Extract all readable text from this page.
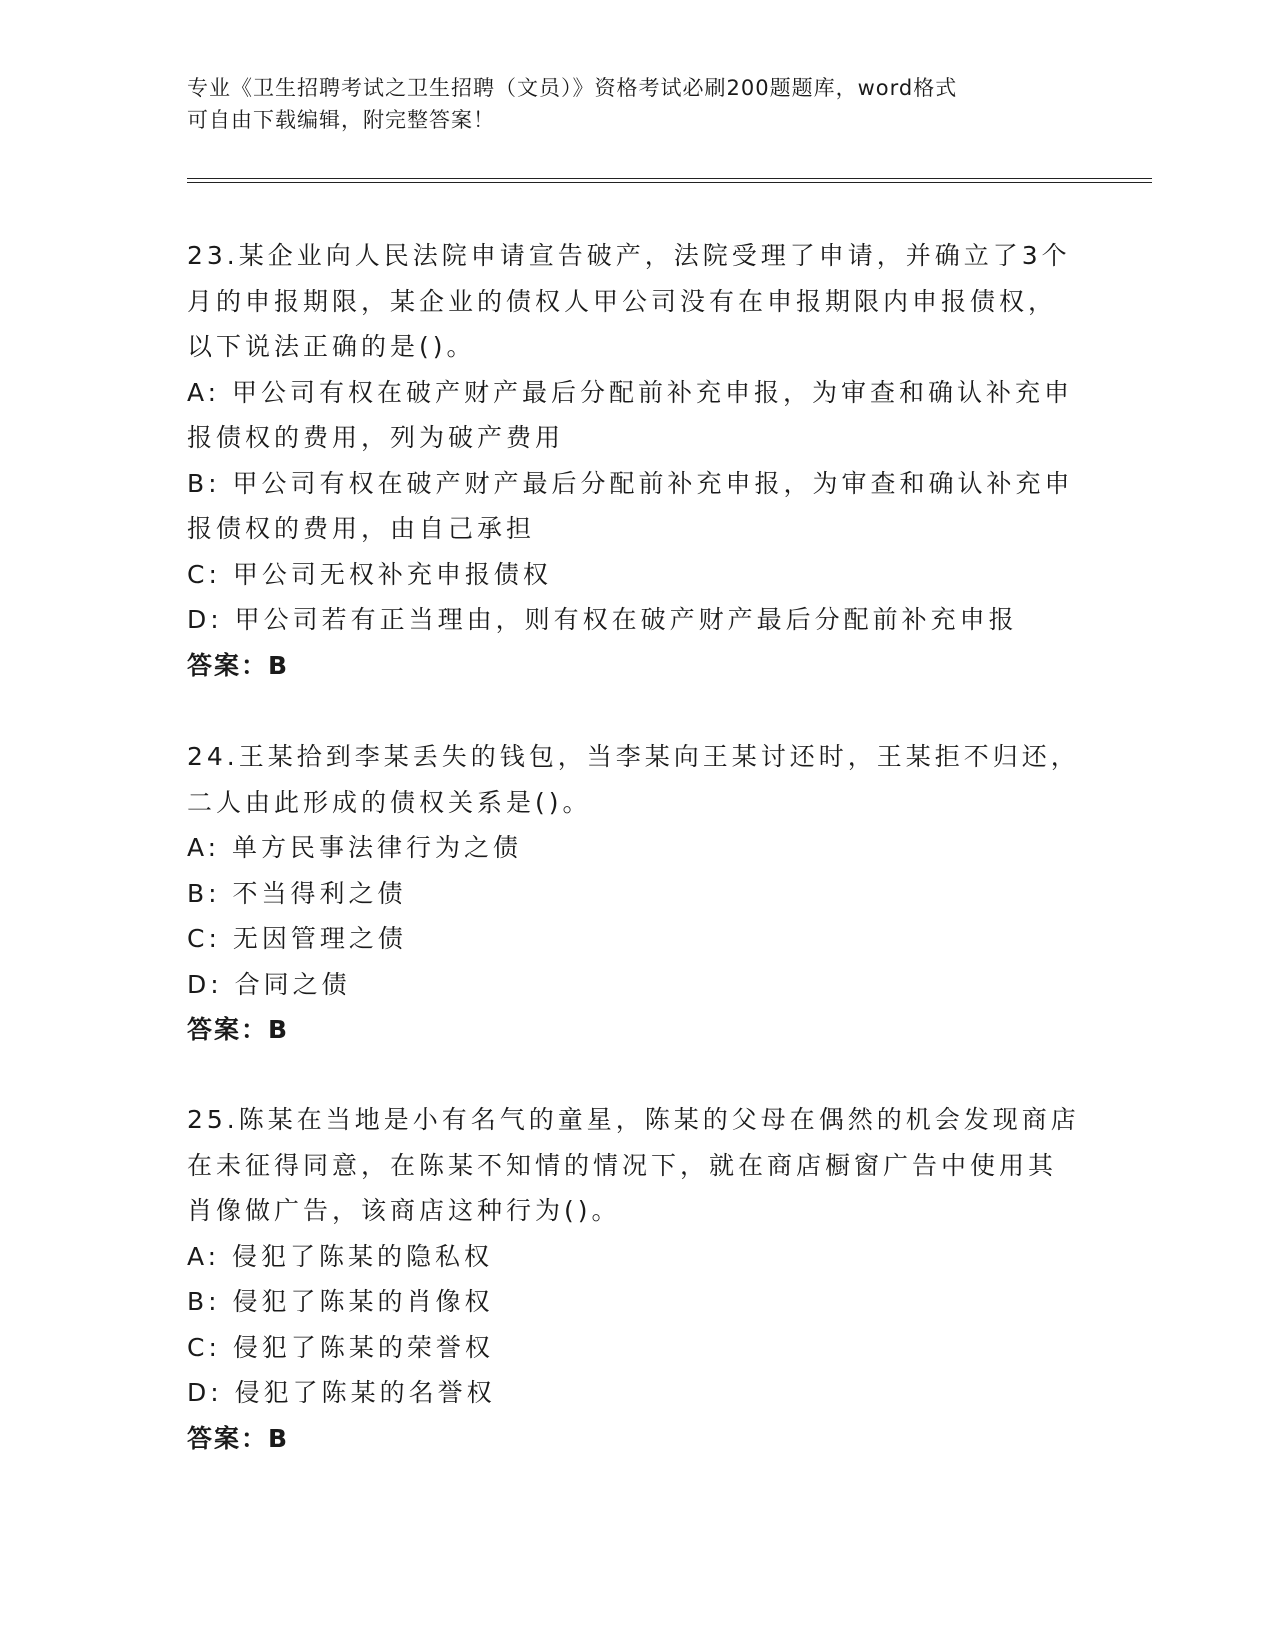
专业《卫生招聘考试之卫生招聘（文员）》资格考试必刷200题题库，word格式
可自由下载编辑，附完整答案！
23.某企业向人民法院申请宣告破产，法院受理了申请，并确立了3个
月的申报期限，某企业的债权人甲公司没有在申报期限内申报债权，
以下说法正确的是()。
A: 甲公司有权在破产财产最后分配前补充申报，为审查和确认补充申
报债权的费用，列为破产费用
B: 甲公司有权在破产财产最后分配前补充申报，为审查和确认补充申
报债权的费用，由自己承担
C: 甲公司无权补充申报债权
D: 甲公司若有正当理由，则有权在破产财产最后分配前补充申报
答案：B
24.王某拾到李某丢失的钱包，当李某向王某讨还时，王某拒不归还，
二人由此形成的债权关系是()。
A: 单方民事法律行为之债
B: 不当得利之债
C: 无因管理之债
D: 合同之债
答案：B
25.陈某在当地是小有名气的童星，陈某的父母在偶然的机会发现商店
在未征得同意，在陈某不知情的情况下，就在商店橱窗广告中使用其
肖像做广告，该商店这种行为()。
A: 侵犯了陈某的隐私权
B: 侵犯了陈某的肖像权
C: 侵犯了陈某的荣誉权
D: 侵犯了陈某的名誉权
答案：B
